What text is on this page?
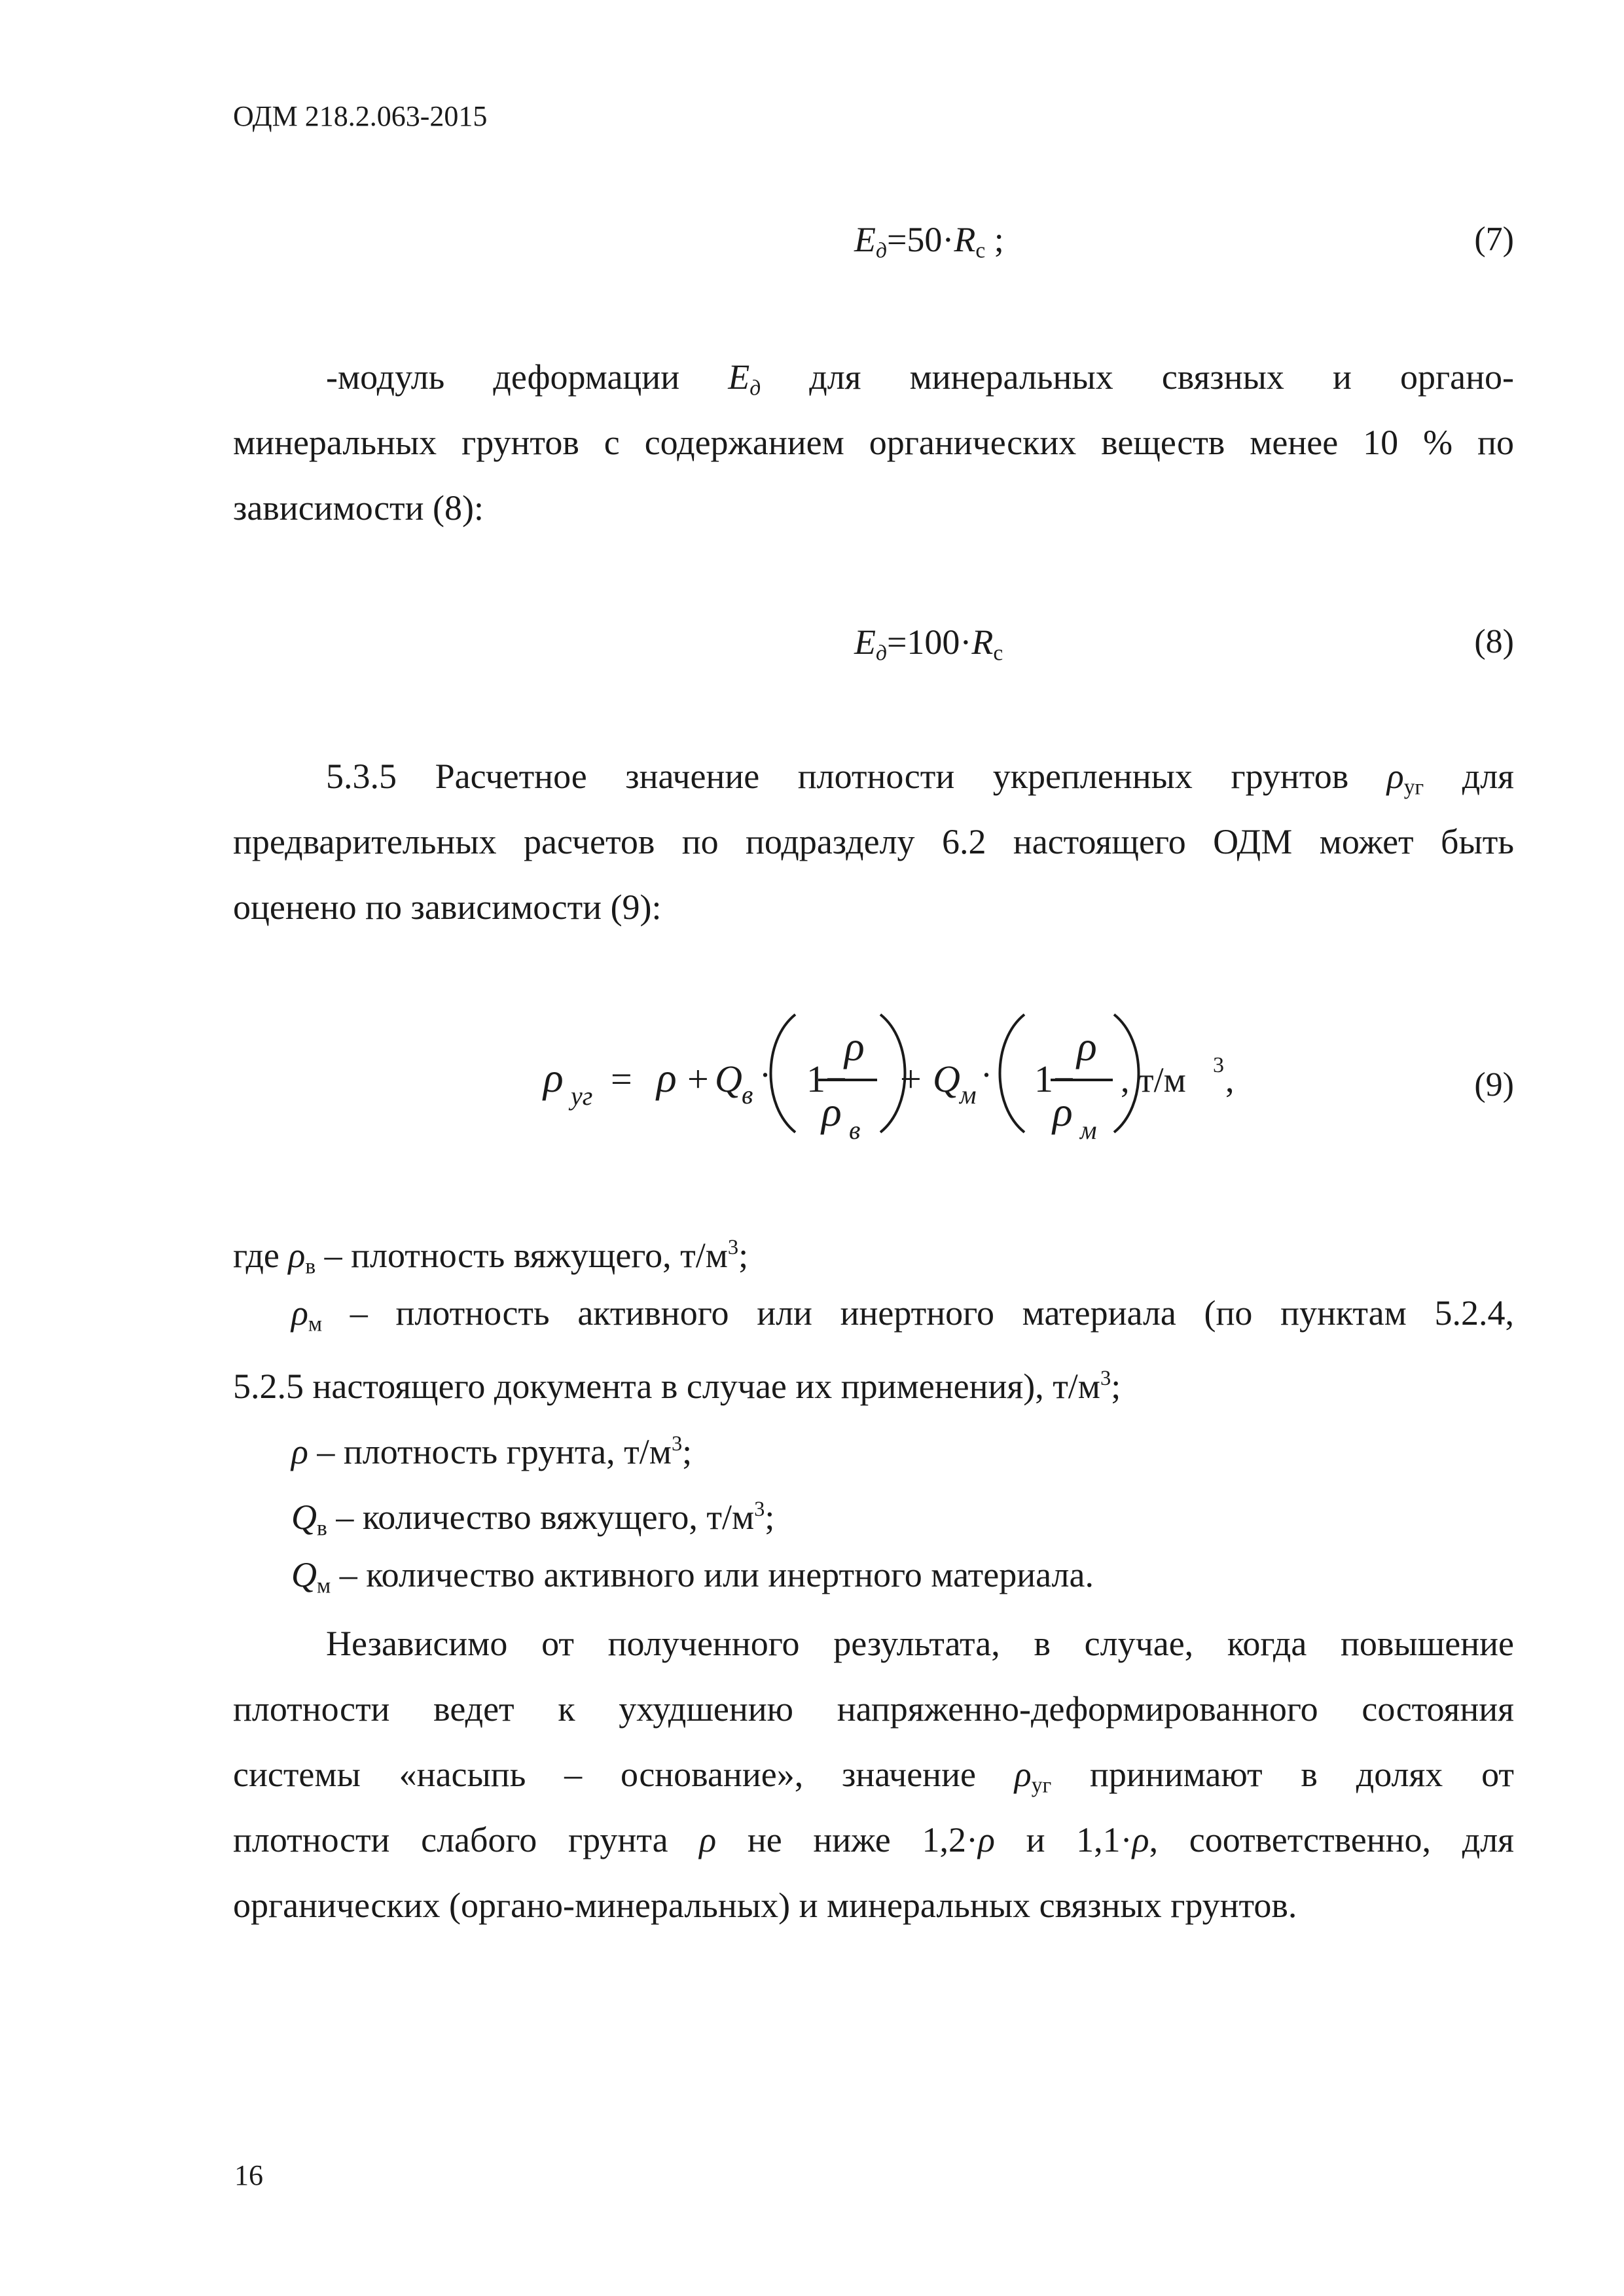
ОДМ 218.2.063-2015
$E_д=50\cdot R_с$ ;	(7)
-модуль деформации $E_д$ для минеральных связных и органо-
минеральных грунтов с содержанием органических веществ менее 10 % по
зависимости (8):
$E_д=100\cdot R_с$	(8)
5.3.5 Расчетное значение плотности укрепленных грунтов $\rho_{уг}$ для
предварительных расчетов по подразделу 6.2 настоящего ОДМ может быть
оценено по зависимости (9):
ρ уг = ρ + Q в
· 1−
ρ
ρ в
+ Q м
· 1−
ρ
ρ м
, т/м 3 ,	(9)
где $\rho_в$ – плотность вяжущего, $т/м^3$;
$\rho_м$ – плотность активного или инертного материала (по пунктам 5.2.4,
5.2.5 настоящего документа в случае их применения), $т/м^3$;
ρ – плотность грунта, $т/м^3$;
$Q_в$ – количество вяжущего, $т/м^3$;
$Q_м$ – количество активного или инертного материала.
Независимо от полученного результата, в случае, когда повышение
плотности ведет к ухудшению напряженно-деформированного состояния
системы «насыпь – основание», значение $\rho_{уг}$ принимают в долях от
плотности слабого грунта ρ не ниже 1,2·ρ и 1,1·ρ, соответственно, для
органических (органо-минеральных) и минеральных связных грунтов.
16
